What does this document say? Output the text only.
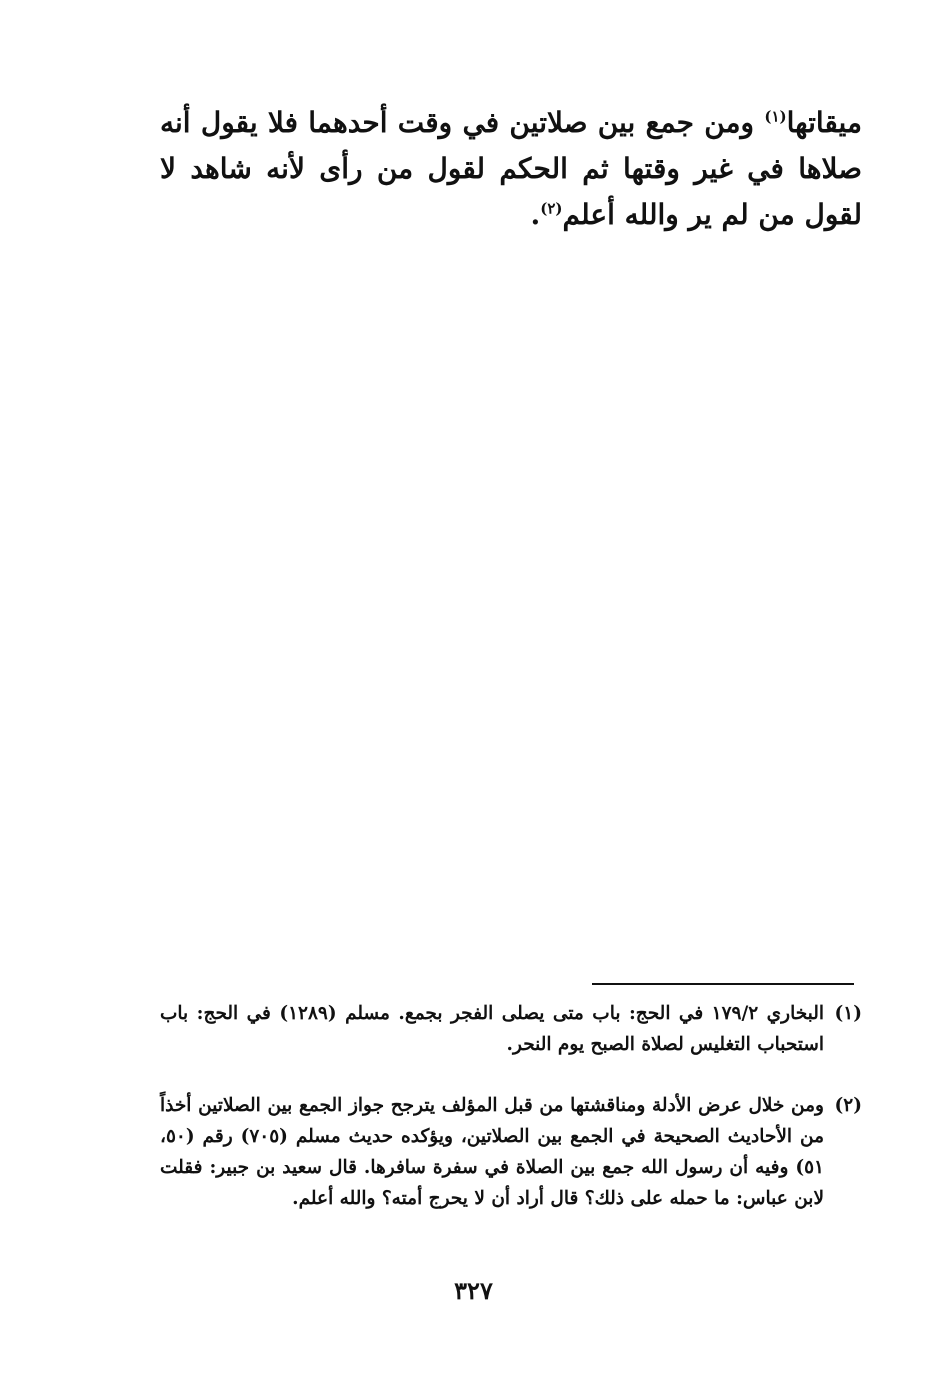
ميقاتها$^{(١)}$ ومن جمع بين صلاتين في وقت أحدهما فلا يقول أنه صلاها في غير وقتها ثم الحكم لقول من رأى لأنه شاهد لا لقول من لم ير والله أعلم$^{(٢)}$.

(١)
البخاري ١٧٩/٢ في الحج: باب متى يصلى الفجر بجمع. مسلم (١٢٨٩) في الحج: باب استحباب التغليس لصلاة الصبح يوم النحر.
(٢)
ومن خلال عرض الأدلة ومناقشتها من قبل المؤلف يترجح جواز الجمع بين الصلاتين أخذاً من الأحاديث الصحيحة في الجمع بين الصلاتين، ويؤكده حديث مسلم (٧٠٥) رقم (٥٠، ٥١) وفيه أن رسول الله جمع بين الصلاة في سفرة سافرها. قال سعيد بن جبير: فقلت لابن عباس: ما حمله على ذلك؟ قال أراد أن لا يحرج أمته؟ والله أعلم.
٣٢٧
